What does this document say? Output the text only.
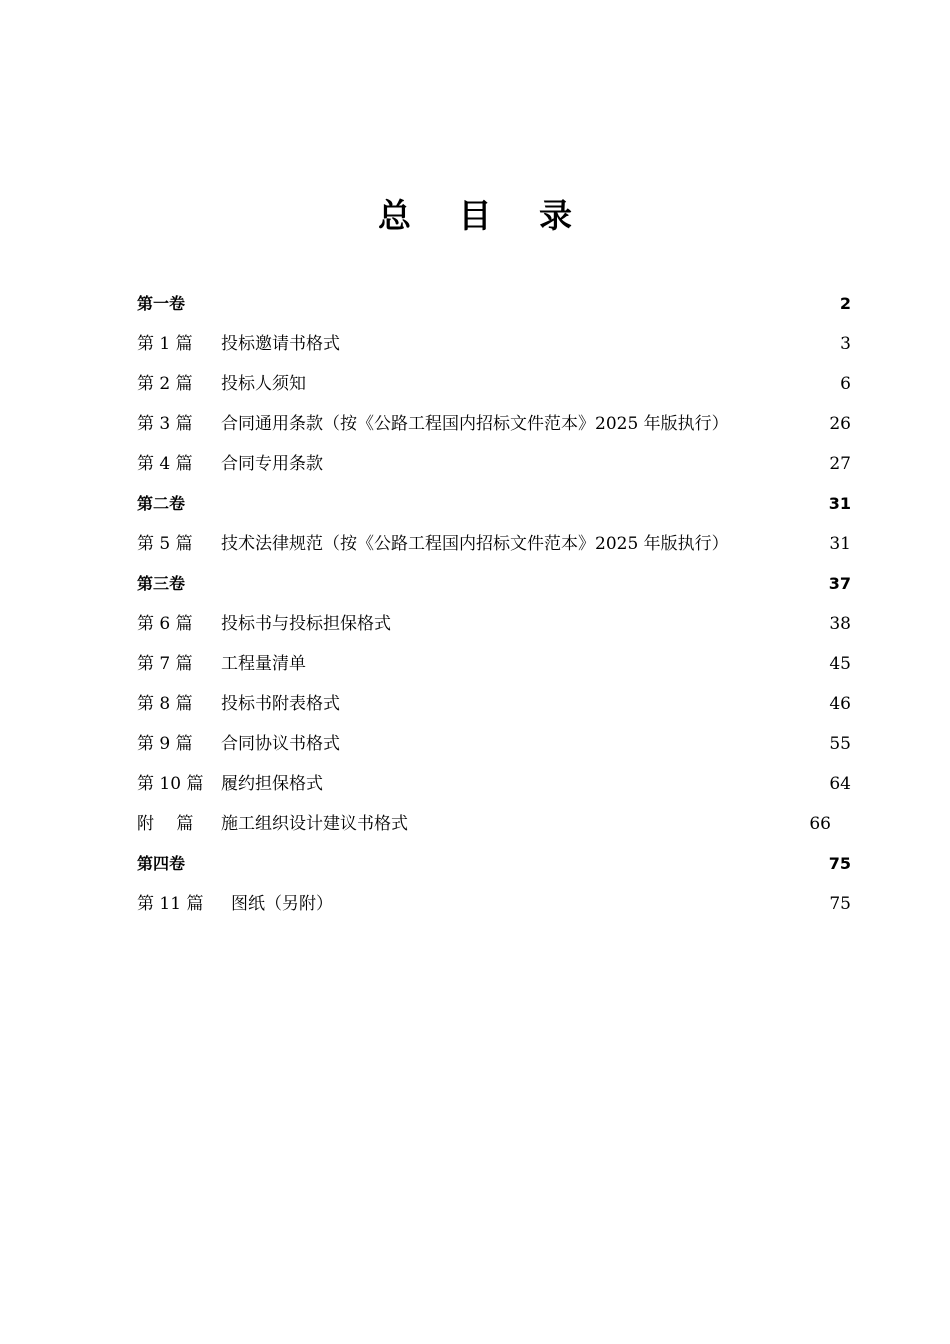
总 目 录
第一卷	2
第 1 篇 投标邀请书格式	3
第 2 篇 投标人须知	6
第 3 篇 合同通用条款（按《公路工程国内招标文件范本》2025 年版执行）	26
第 4 篇 合同专用条款	27
第二卷	31
第 5 篇 技术法律规范（按《公路工程国内招标文件范本》2025 年版执行）	31
第三卷	37
第 6 篇 投标书与投标担保格式	38
第 7 篇 工程量清单	45
第 8 篇 投标书附表格式	46
第 9 篇 合同协议书格式	55
第 10 篇 履约担保格式	64
附　 篇 施工组织设计建议书格式	66
第四卷	75
第 11 篇 图纸（另附）	75
